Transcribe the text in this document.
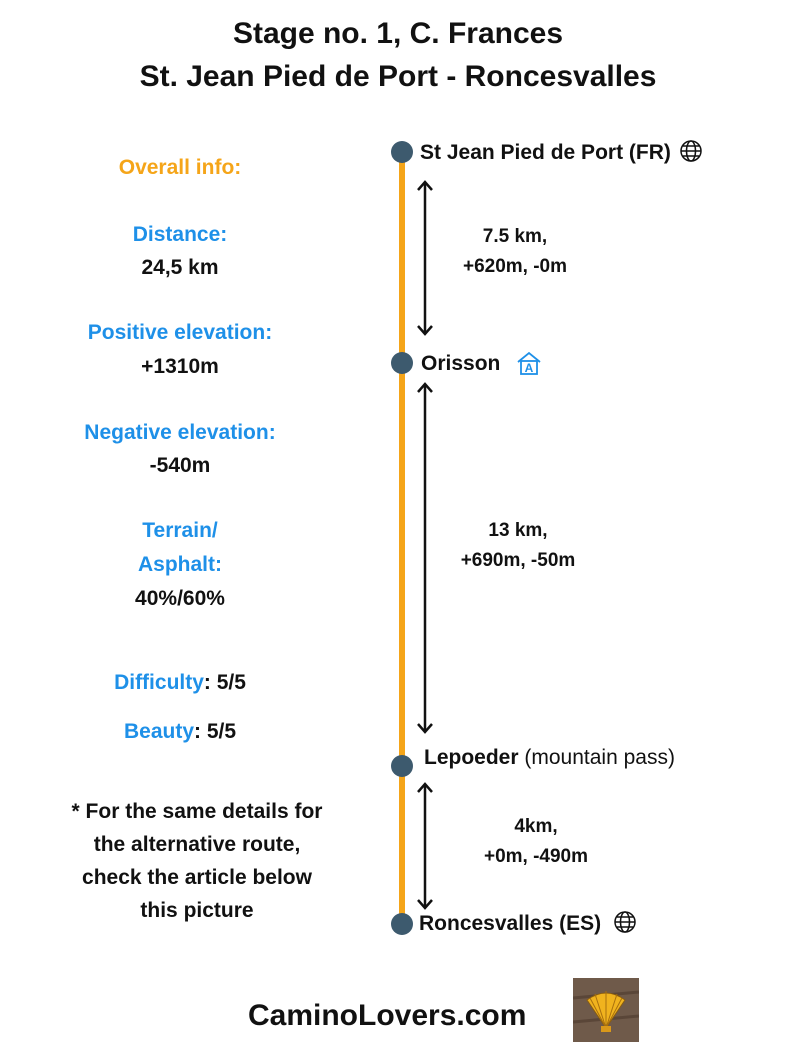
Stage no. 1, C. Frances
St. Jean Pied de Port - Roncesvalles
Overall info:
Distance:
24,5 km
Positive elevation:
+1310m
Negative elevation:
-540m
Terrain/
Asphalt:
40%/60%
Difficulty: 5/5
Beauty: 5/5
* For the same details for
the alternative route,
check the article below
this picture
St Jean Pied de Port (FR)
Orisson A
Lepoeder (mountain pass)
Roncesvalles (ES)
7.5 km,
+620m, -0m
13 km,
+690m, -50m
4km,
+0m, -490m
CaminoLovers.com
